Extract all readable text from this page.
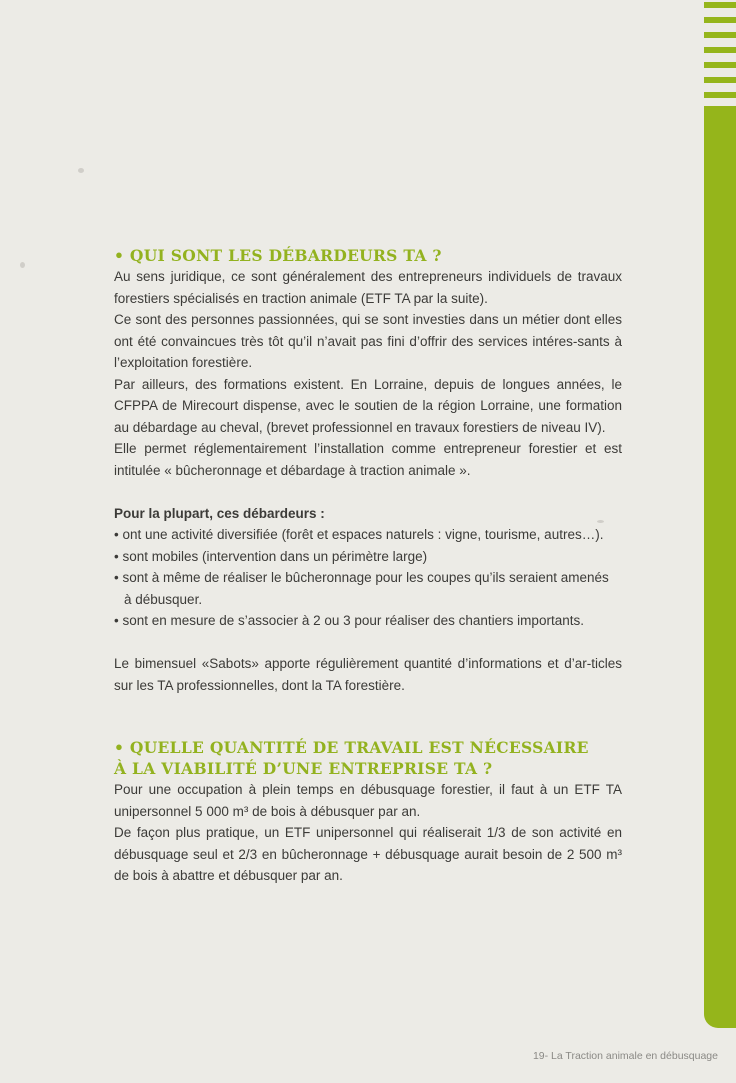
• QUI SONT LES DÉBARDEURS TA ?

Au sens juridique, ce sont généralement des entrepreneurs individuels de travaux forestiers spécialisés en traction animale (ETF TA par la suite).

Ce sont des personnes passionnées, qui se sont investies dans un métier dont elles ont été convaincues très tôt qu’il n’avait pas fini d’offrir des services intéres-sants à l’exploitation forestière.

Par ailleurs, des formations existent. En Lorraine, depuis de longues années, le CFPPA de Mirecourt dispense, avec le soutien de la région Lorraine, une formation au débardage au cheval, (brevet professionnel en travaux forestiers de niveau IV).

Elle permet réglementairement l’installation comme entrepreneur forestier et est intitulée « bûcheronnage et débardage à traction animale ».

Pour la plupart, ces débardeurs :

• ont une activité diversifiée (forêt et espaces naturels : vigne, tourisme, autres…).

• sont mobiles (intervention dans un périmètre large)

• sont à même de réaliser le bûcheronnage pour les coupes qu’ils seraient amenés

à débusquer.

• sont en mesure de s’associer à 2 ou 3 pour réaliser des chantiers importants.

Le bimensuel «Sabots» apporte régulièrement quantité d’informations et d’ar-ticles sur les TA professionnelles, dont la TA forestière.

• QUELLE QUANTITÉ DE TRAVAIL EST NÉCESSAIRE
À LA VIABILITÉ D’UNE ENTREPRISE TA ?

Pour une occupation à plein temps en débusquage forestier, il faut à un ETF TA unipersonnel 5 000 m³ de bois à débusquer par an.

De façon plus pratique, un ETF unipersonnel qui réaliserait 1/3 de son activité en débusquage seul et 2/3 en bûcheronnage + débusquage aurait besoin de 2 500 m³ de bois à abattre et débusquer par an.

19- La Traction animale en débusquage
